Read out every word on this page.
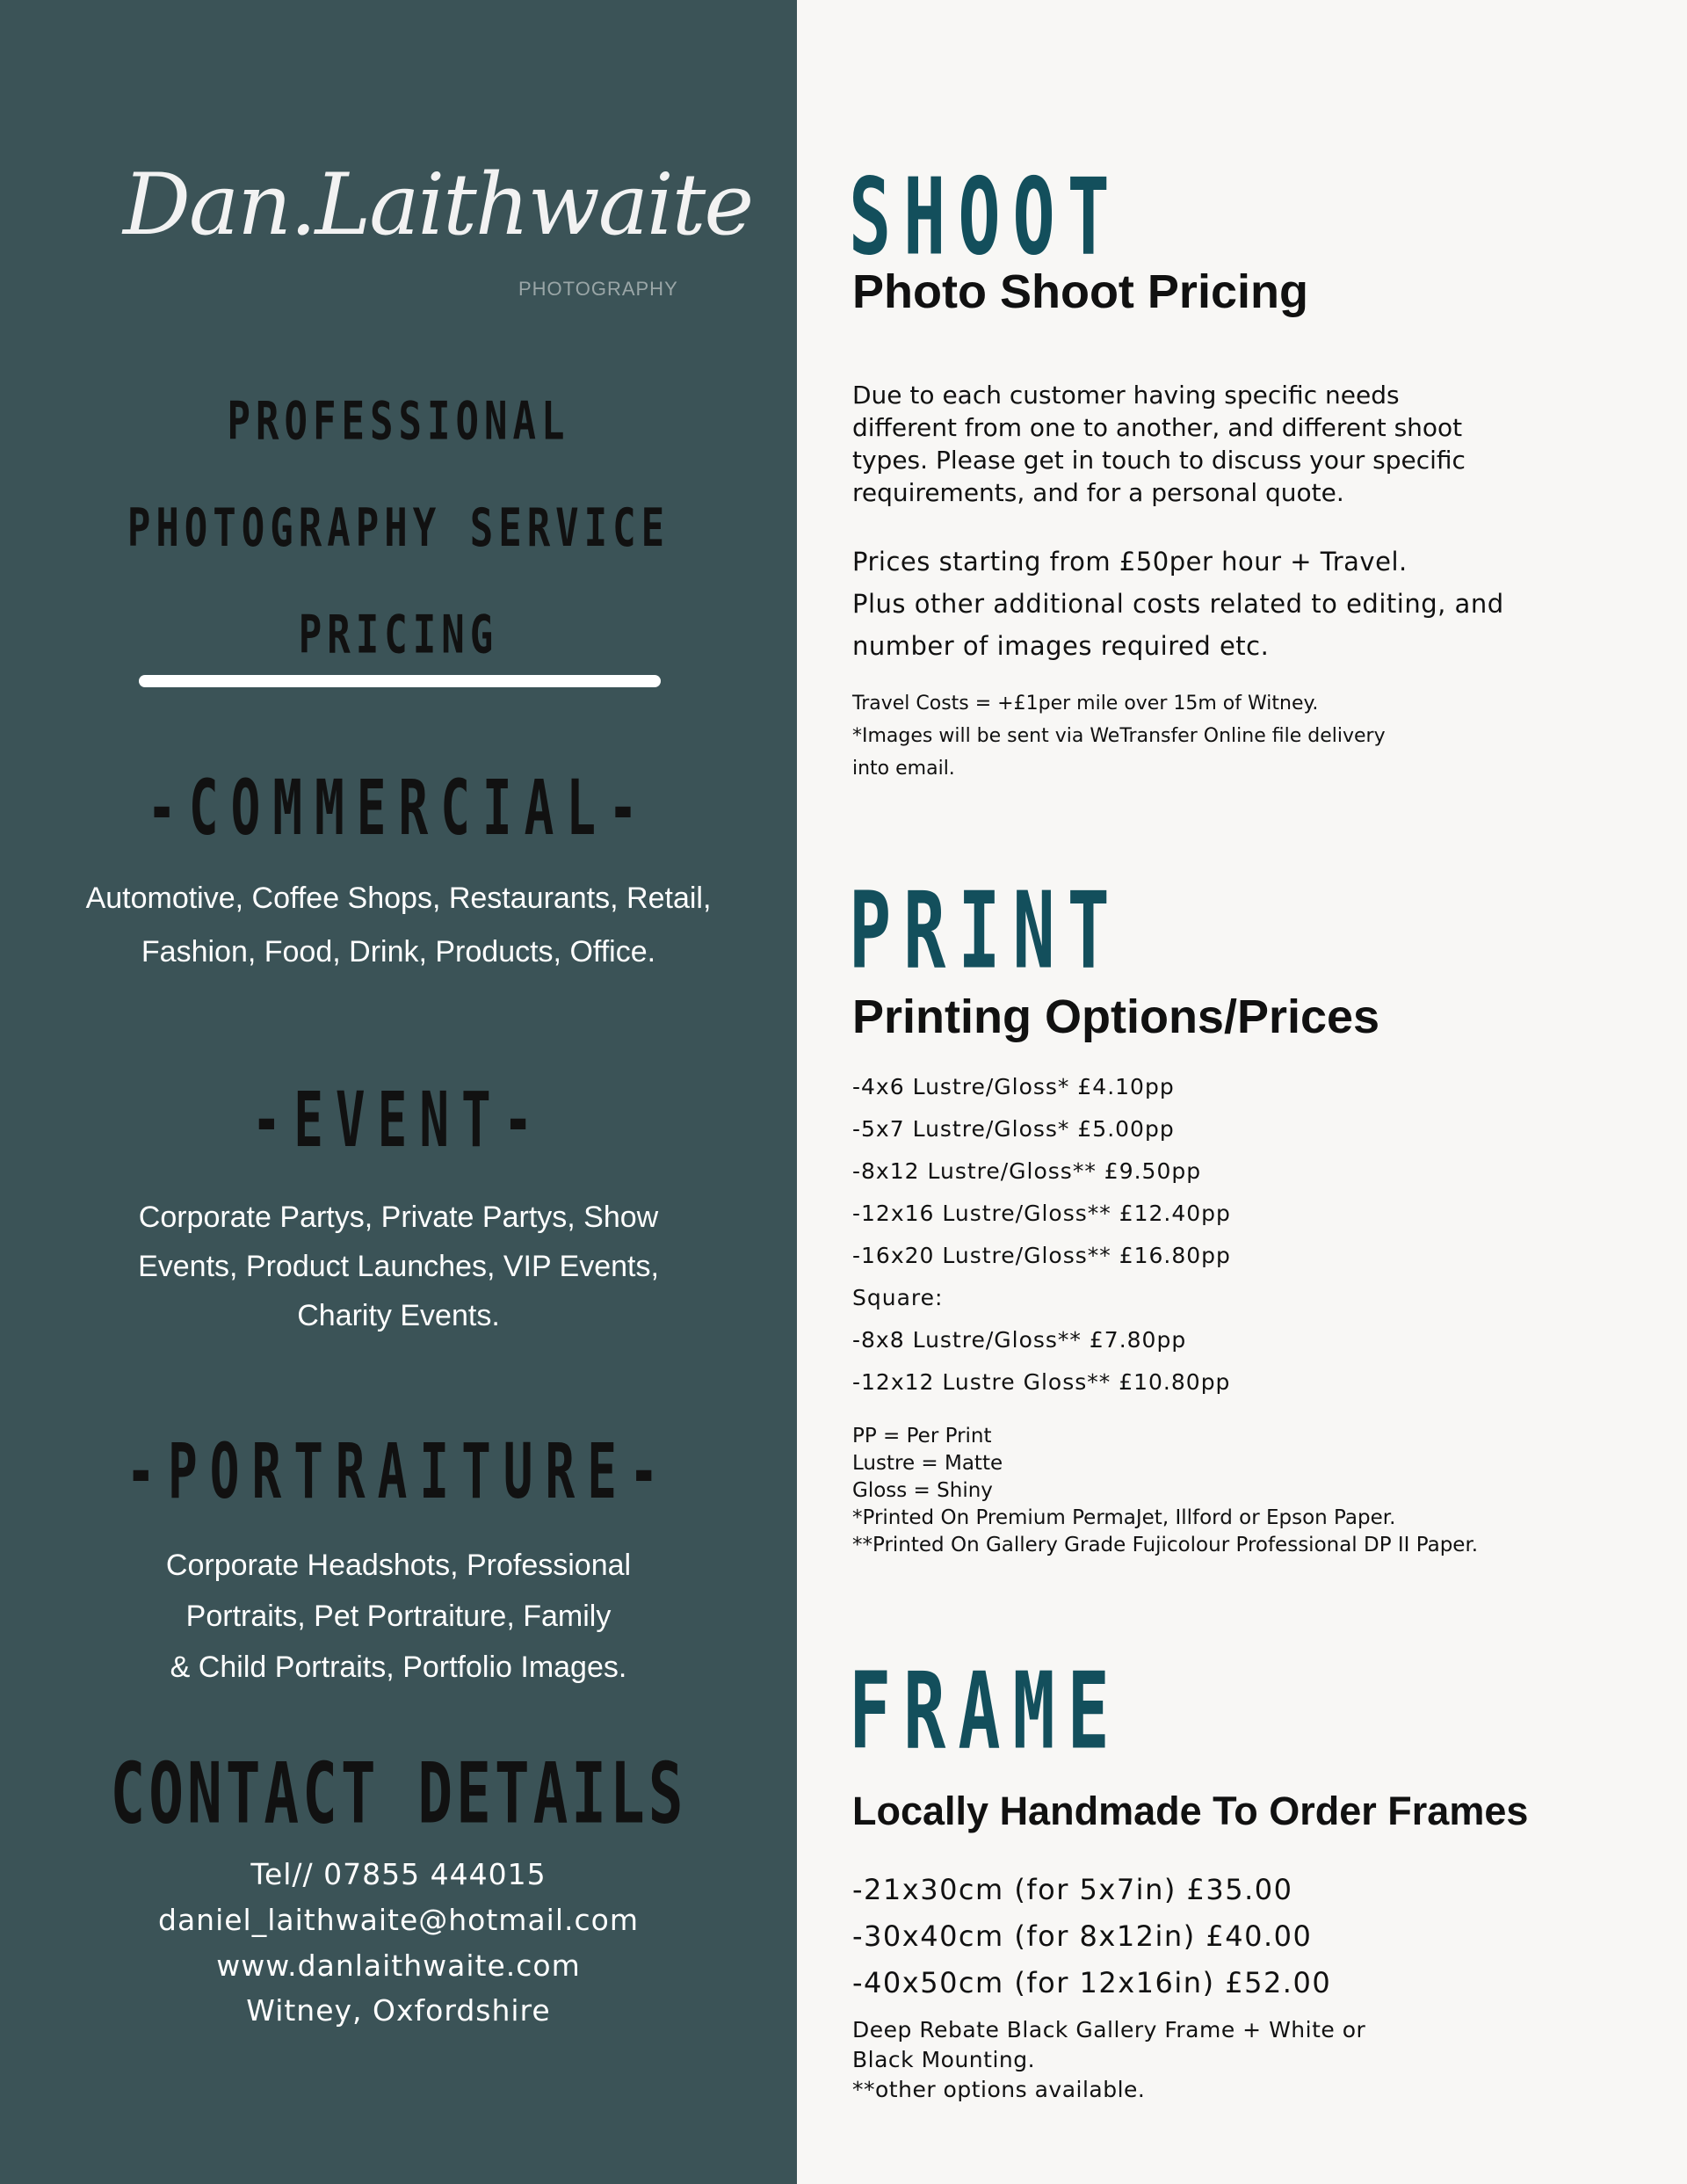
Dan.Laithwaite
PHOTOGRAPHY
PROFESSIONAL
PHOTOGRAPHY SERVICE
PRICING
-COMMERCIAL-
Automotive, Coffee Shops, Restaurants, Retail,
Fashion, Food, Drink, Products, Office.
-EVENT-
Corporate Partys, Private Partys, Show
Events, Product Launches, VIP Events,
Charity Events.
-PORTRAITURE-
Corporate Headshots, Professional
Portraits, Pet Portraiture, Family
& Child Portraits, Portfolio Images.
CONTACT DETAILS
Tel// 07855 444015
daniel_laithwaite@hotmail.com
www.danlaithwaite.com
Witney, Oxfordshire
SHOOT
Photo Shoot Pricing
Due to each customer having specific needs
different from one to another, and different shoot
types. Please get in touch to discuss your specific
requirements, and for a personal quote.
Prices starting from £50per hour + Travel.
Plus other additional costs related to editing, and
number of images required etc.
Travel Costs = +£1per mile over 15m of Witney.
*Images will be sent via WeTransfer Online file delivery
into email.
PRINT
Printing Options/Prices
-4x6 Lustre/Gloss* £4.10pp
-5x7 Lustre/Gloss* £5.00pp
-8x12 Lustre/Gloss** £9.50pp
-12x16 Lustre/Gloss** £12.40pp
-16x20 Lustre/Gloss** £16.80pp
Square:
-8x8 Lustre/Gloss** £7.80pp
-12x12 Lustre Gloss** £10.80pp
PP = Per Print
Lustre = Matte
Gloss = Shiny
*Printed On Premium PermaJet, Illford or Epson Paper.
**Printed On Gallery Grade Fujicolour Professional DP II Paper.
FRAME
Locally Handmade To Order Frames
-21x30cm (for 5x7in) £35.00
-30x40cm (for 8x12in) £40.00
-40x50cm (for 12x16in) £52.00
Deep Rebate Black Gallery Frame + White or
Black Mounting.
**other options available.
